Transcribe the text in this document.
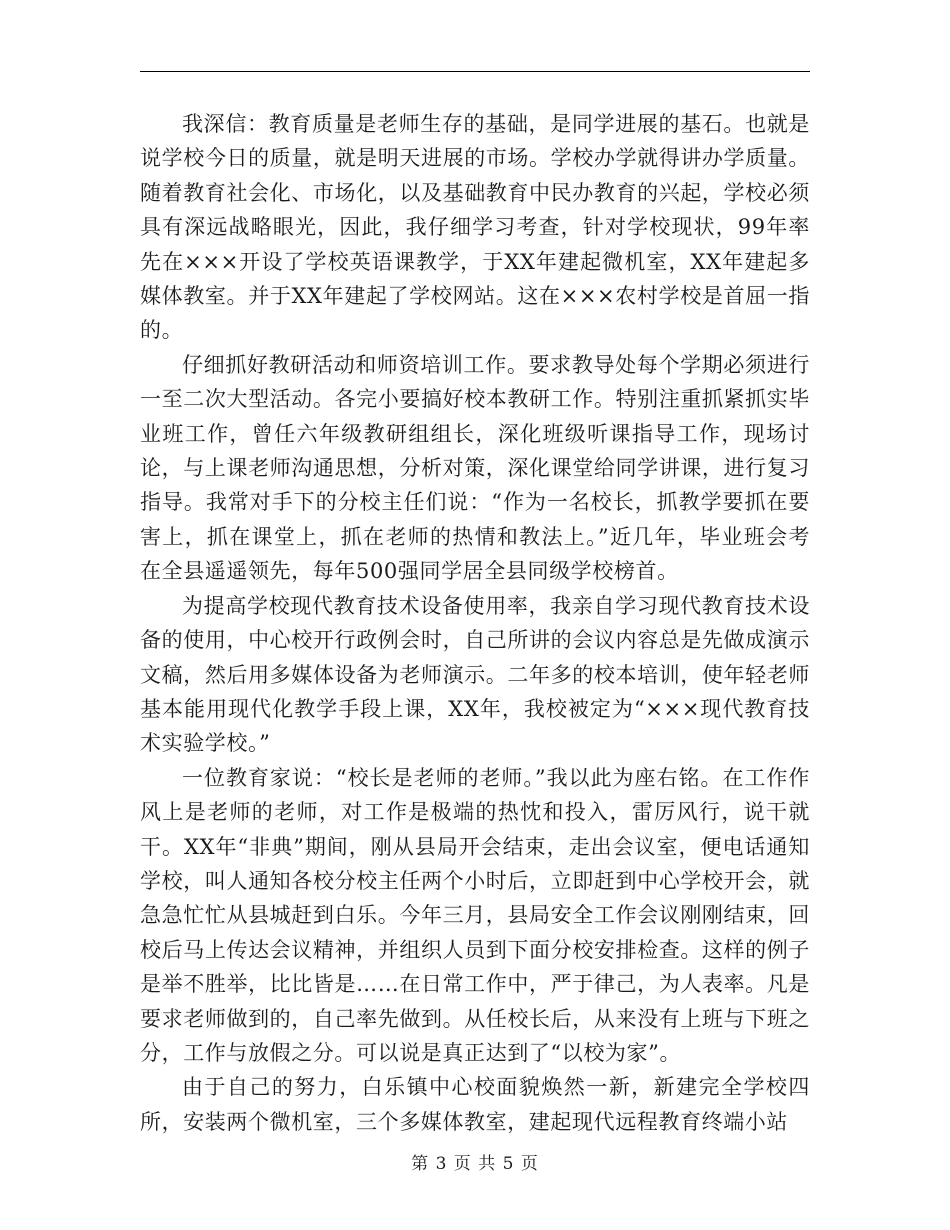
我深信：教育质量是老师生存的基础，是同学进展的基石。也就是说学校今日的质量，就是明天进展的市场。学校办学就得讲办学质量。随着教育社会化、市场化，以及基础教育中民办教育的兴起，学校必须具有深远战略眼光，因此，我仔细学习考查，针对学校现状，99年率先在×××开设了学校英语课教学，于XX年建起微机室，XX年建起多媒体教室。并于XX年建起了学校网站。这在×××农村学校是首屈一指的。

仔细抓好教研活动和师资培训工作。要求教导处每个学期必须进行一至二次大型活动。各完小要搞好校本教研工作。特别注重抓紧抓实毕业班工作，曾任六年级教研组组长，深化班级听课指导工作，现场讨论，与上课老师沟通思想，分析对策，深化课堂给同学讲课，进行复习指导。我常对手下的分校主任们说：“作为一名校长，抓教学要抓在要害上，抓在课堂上，抓在老师的热情和教法上。”近几年，毕业班会考在全县遥遥领先，每年500强同学居全县同级学校榜首。

为提高学校现代教育技术设备使用率，我亲自学习现代教育技术设备的使用，中心校开行政例会时，自己所讲的会议内容总是先做成演示文稿，然后用多媒体设备为老师演示。二年多的校本培训，使年轻老师基本能用现代化教学手段上课，XX年，我校被定为“×××现代教育技术实验学校。”

一位教育家说：“校长是老师的老师。”我以此为座右铭。在工作作风上是老师的老师，对工作是极端的热忱和投入，雷厉风行，说干就干。XX年“非典”期间，刚从县局开会结束，走出会议室，便电话通知学校，叫人通知各校分校主任两个小时后，立即赶到中心学校开会，就急急忙忙从县城赶到白乐。今年三月，县局安全工作会议刚刚结束，回校后马上传达会议精神，并组织人员到下面分校安排检查。这样的例子是举不胜举，比比皆是……在日常工作中，严于律己，为人表率。凡是要求老师做到的，自己率先做到。从任校长后，从来没有上班与下班之分，工作与放假之分。可以说是真正达到了“以校为家”。

由于自己的努力，白乐镇中心校面貌焕然一新，新建完全学校四所，安装两个微机室，三个多媒体教室，建起现代远程教育终端小站

第 3 页 共 5 页
